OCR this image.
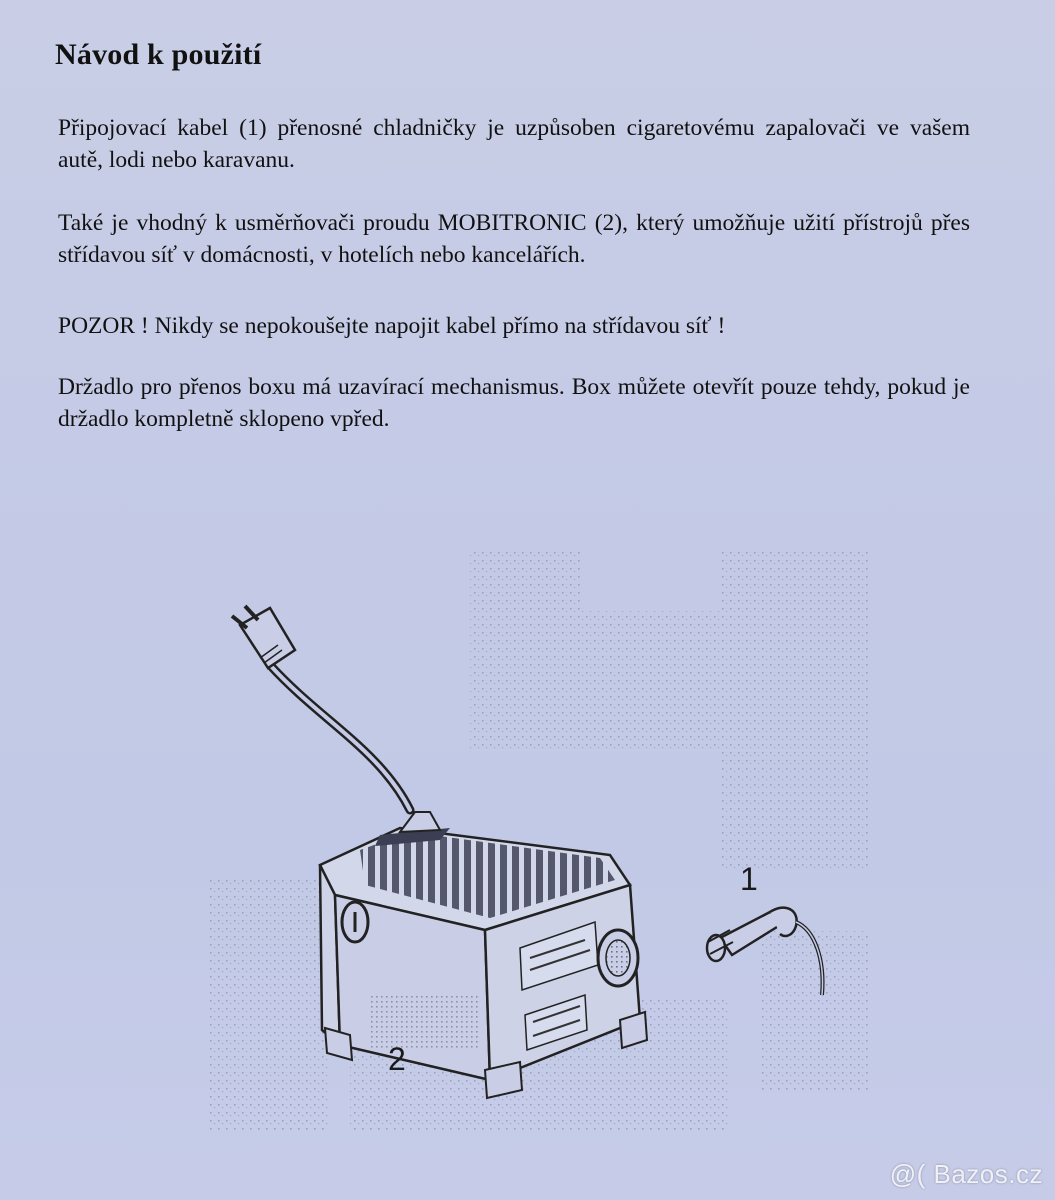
Návod k použití

Připojovací kabel (1) přenosné chladničky je uzpůsoben cigaretovému zapalovači ve vašem autě, lodi nebo karavanu.

Také je vhodný k usměrňovači proudu MOBITRONIC (2), který umožňuje užití přístrojů přes střídavou síť v domácnosti, v hotelích nebo kancelářích.

POZOR ! Nikdy se nepokoušejte napojit kabel přímo na střídavou síť !

Držadlo pro přenos boxu má uzavírací mechanismus. Box můžete otevřít pouze tehdy, pokud je držadlo kompletně sklopeno vpřed.

1
2
@( Bazos.cz
